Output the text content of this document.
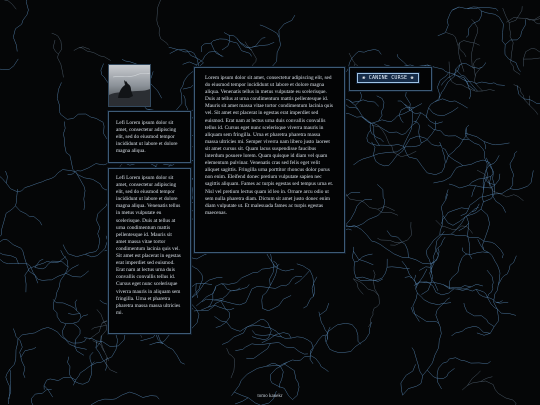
Lefi Lorem ipsum dolor sit amet, consectetur adipiscing elit, sed do eiusmod tempor incididunt ut labore et dolore magna aliqua.
Lefi Lorem ipsum dolor sit amet, consectetur adipiscing elit, sed do eiusmod tempor incididunt ut labore et dolore magna aliqua. Venenatis tellus in metus vulputate eu scelerisque. Duis at tellus at urna condimentum mattis pellentesque id. Mauris sit amet massa vitae tortor condimentum lacinia quis vel. Sit amet est placerat in egestas erat imperdiet sed euismod. Erat nam at lectus urna duis convallis convallis tellus id. Cursus eget nunc scelerisque viverra mauris in aliquam sem fringilla. Urna et pharetra pharetra massa massa ultricies mi.
Lorem ipsum dolor sit amet, consectetur adipiscing elit, sed do eiusmod tempor incididunt ut labore et dolore magna aliqua. Venenatis tellus in metus vulputate eu scelerisque. Duis at tellus at urna condimentum mattis pellentesque id. Mauris sit amet massa vitae tortor condimentum lacinia quis vel. Sit amet est placerat in egestas erat imperdiet sed euismod. Erat nam at lectus urna duis convallis convallis tellus id. Cursus eget nunc scelerisque viverra mauris in aliquam sem fringilla. Urna et pharetra pharetra massa massa ultricies mi. Semper viverra nam libero justo laoreet sit amet cursus sit. Quam lacus suspendisse faucibus interdum posuere lorem. Quam quisque id diam vel quam elementum pulvinar. Venenatis cras sed felis eget velit aliquet sagittis. Fringilla urna porttitor rhoncus dolor purus non enim. Eleifend donec pretium vulputate sapien nec sagittis aliquam. Fames ac turpis egestas sed tempus urna et. Nisl vel pretium lectus quam id leo in. Ornare arcu odio ut sem nulla pharetra diam. Dictum sit amet justo donec enim diam vulputate ut. Et malesuada fames ac turpis egestas maecenas.
❀ CANINE CURSE ❀
tomo kanekr
